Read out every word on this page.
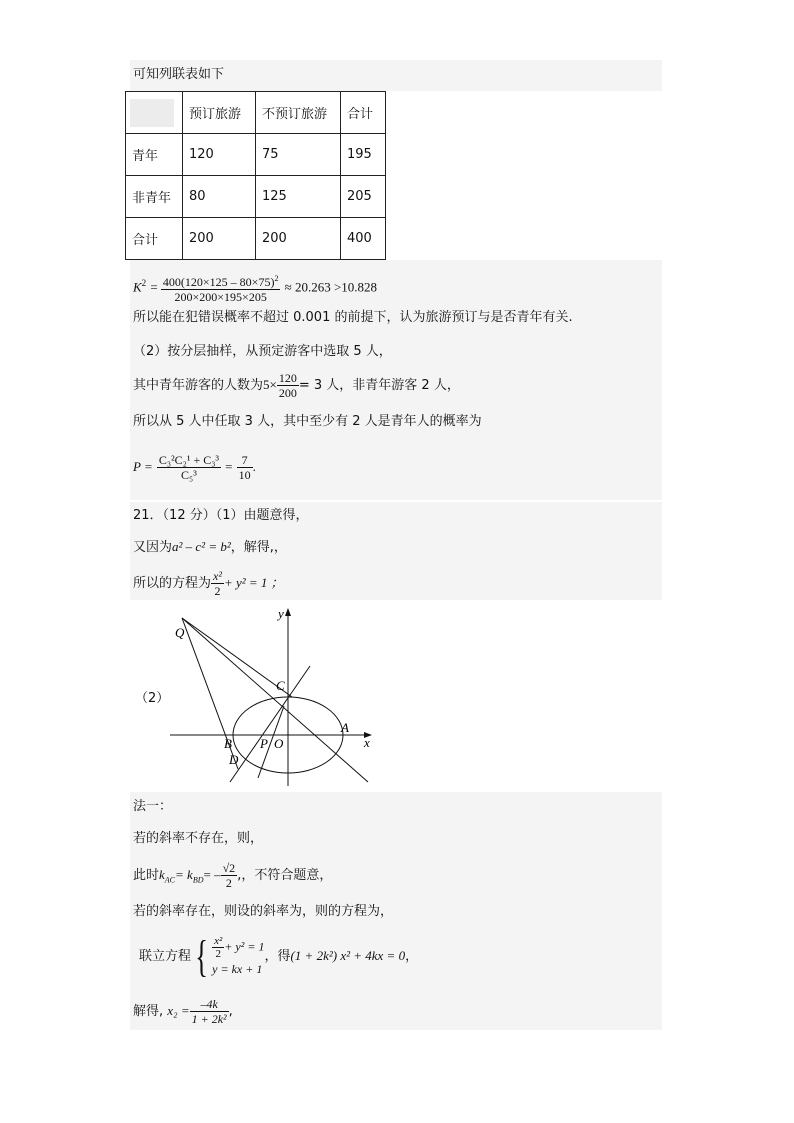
可知列联表如下
	预订旅游	不预订旅游	合计
青年	120	75	195
非青年	80	125	205
合计	200	200	400
$K^2 = \frac{400(120\times 125 - 80\times 75)^2}{200\times 200\times 195\times 205} \approx 20.263 >10.828$
所以能在犯错误概率不超过 0.001 的前提下，认为旅游预订与是否青年有关.
（2）按分层抽样，从预定游客中选取 5 人，
其中青年游客的人数为$5\times \frac{120}{200} = 3$ 人，非青年游客 2 人，
所以从 5 人中任取 3 人，其中至少有 2 人是青年人的概率为
$P = \frac{\text{C₃²C₂¹ + C₃³}}{\text{C₅³}} = \frac{7}{10}$ .
21．（12 分）（1）由题意得，
又因为a² – c² = b²，解得,，
所以的方程为 $\frac{\text{x²}}{2} + y^2 = 1$ ；
（2）
Q
C
A
B P O
D
x
y
法一：
若的斜率不存在，则，
此时$k_{AC}= k_{BD}= - \frac{√2}{2}$ ,，不符合题意，
若的斜率存在，则设的斜率为，则的方程为，
联立方程{ $\frac{\text{x²}}{2} + y^2 = 1$
y = kx + 1
，得(1 + 2k²) x² + 4kx = 0，
解得, $x_2 = \frac{-4k}{\text{1 + 2k²}}$ ,
